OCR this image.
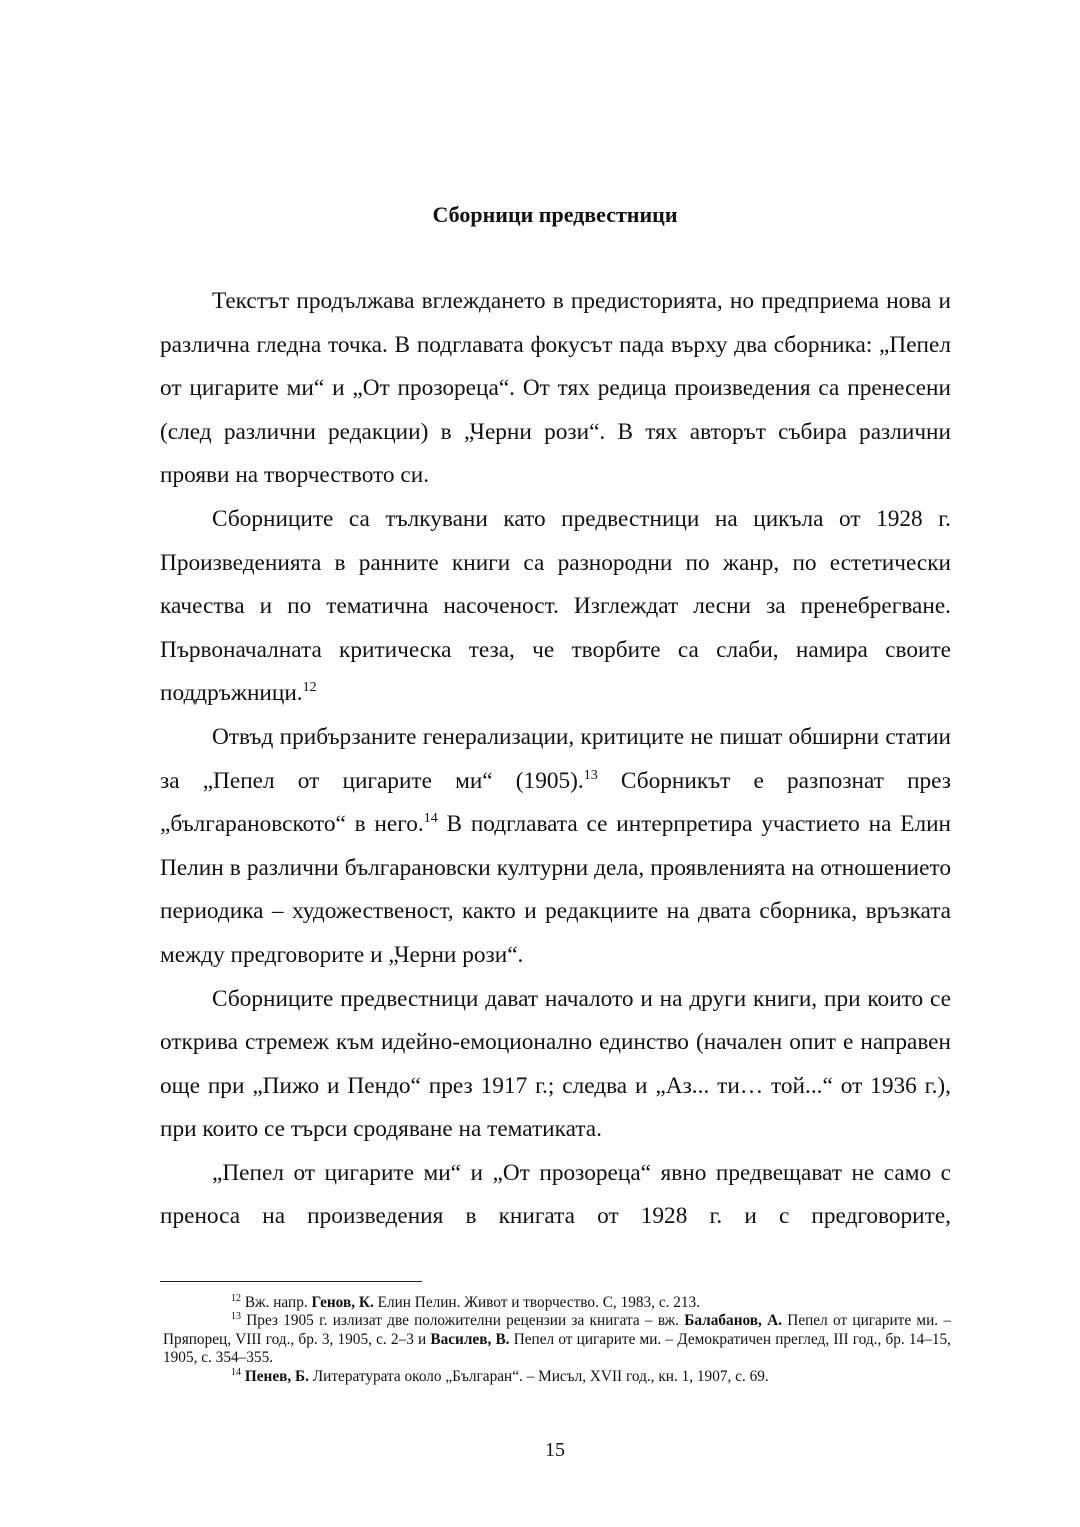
Сборници предвестници

Текстът продължава вглеждането в предисторията, но предприема нова и различна гледна точка. В подглавата фокусът пада върху два сборника: „Пепел от цигарите ми“ и „От прозореца“. От тях редица произведения са пренесени (след различни редакции) в „Черни рози“. В тях авторът събира различни прояви на творчеството си.

Сборниците са тълкувани като предвестници на цикъла от 1928 г. Произведенията в ранните книги са разнородни по жанр, по естетически качества и по тематична насоченост. Изглеждат лесни за пренебрегване. Първоначалната критическа теза, че творбите са слаби, намира своите поддръжници.$^{12}$

Отвъд прибързаните генерализации, критиците не пишат обширни статии за „Пепел от цигарите ми“ (1905).$^{13}$ Сборникът е разпознат през „българановското“ в него.$^{14}$ В подглавата се интерпретира участието на Елин Пелин в различни българановски културни дела, проявленията на отношението периодика – художественост, както и редакциите на двата сборника, връзката между предговорите и „Черни рози“.

Сборниците предвестници дават началото и на други книги, при които се открива стремеж към идейно-емоционално единство (начален опит е направен още при „Пижо и Пендо“ през 1917 г.; следва и „Аз... ти… той...“ от 1936 г.), при които се търси сродяване на тематиката.

„Пепел от цигарите ми“ и „От прозореца“ явно предвещават не само с преноса на произведения в книгата от 1928 г. и с предговорите,

$^{12}$ Вж. напр. Генов, К. Елин Пелин. Живот и творчество. С, 1983, с. 213.

$^{13}$ През 1905 г. излизат две положителни рецензии за книгата – вж. Балабанов, А. Пепел от цигарите ми. – Пряпорец, VIII год., бр. 3, 1905, с. 2–3 и Василев, В. Пепел от цигарите ми. – Демократичен преглед, III год., бр. 14–15, 1905, с. 354–355.

$^{14}$ Пенев, Б. Литературата около „Българан“. – Мисъл, XVII год., кн. 1, 1907, с. 69.

15
